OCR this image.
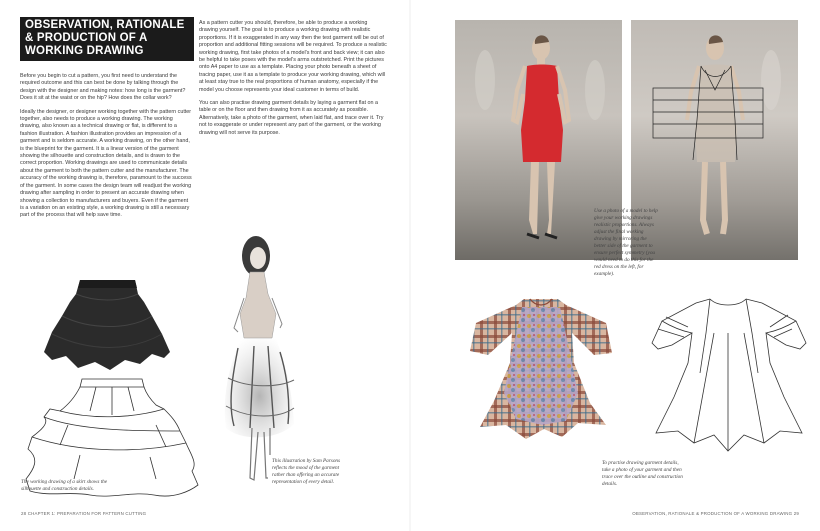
OBSERVATION, RATIONALE
& PRODUCTION OF A
WORKING DRAWING

Before you begin to cut a pattern, you first need to understand the required outcome and this can best be done by talking through the design with the designer and making notes: how long is the garment? Does it sit at the waist or on the hip? How does the collar work?

Ideally the designer, or designer working together with the pattern cutter together, also needs to produce a working drawing. The working drawing, also known as a technical drawing or flat, is different to a fashion illustration. A fashion illustration provides an impression of a garment and is seldom accurate. A working drawing, on the other hand, is the blueprint for the garment. It is a linear version of the garment showing the silhouette and construction details, and is drawn to the correct proportion. Working drawings are used to communicate details about the garment to both the pattern cutter and the manufacturer. The accuracy of the working drawing is, therefore, paramount to the success of the garment. In some cases the design team will readjust the working drawing after sampling in order to present an accurate drawing when showing a collection to manufacturers and buyers. Even if the garment is a variation on an existing style, a working drawing is still a necessary part of the process that will help save time.

As a pattern cutter you should, therefore, be able to produce a working drawing yourself. The goal is to produce a working drawing with realistic proportions. If it is exaggerated in any way then the test garment will be out of proportion and additional fitting sessions will be required. To produce a realistic working drawing, first take photos of a model's front and back view; it can also be helpful to take poses with the model's arms outstretched. Print the pictures onto A4 paper to use as a template. Placing your photo beneath a sheet of tracing paper, use it as a template to produce your working drawing, which will at least stay true to the real proportions of human anatomy, especially if the model you choose represents your ideal customer in terms of build.

You can also practise drawing garment details by laying a garment flat on a table or on the floor and then drawing from it as accurately as possible. Alternatively, take a photo of the garment, when laid flat, and trace over it. Try not to exaggerate or under represent any part of the garment, or the working drawing will not serve its purpose.

The working drawing of a skirt shows the silhouette and construction details.
This illustration by Sam Parsons reflects the mood of the garment rather than offering an accurate representation of every detail.
28 CHAPTER 1: PREPARATION FOR PATTERN CUTTING
Use a photo of a model to help give your working drawings realistic proportions. Always adjust the final working drawing by mirroring the better side of the garment to ensure perfect symmetry (you would need to do this for the red dress on the left, for example).
To practise drawing garment details, take a photo of your garment and then trace over the outline and construction details.
OBSERVATION, RATIONALE & PRODUCTION OF A WORKING DRAWING 29
